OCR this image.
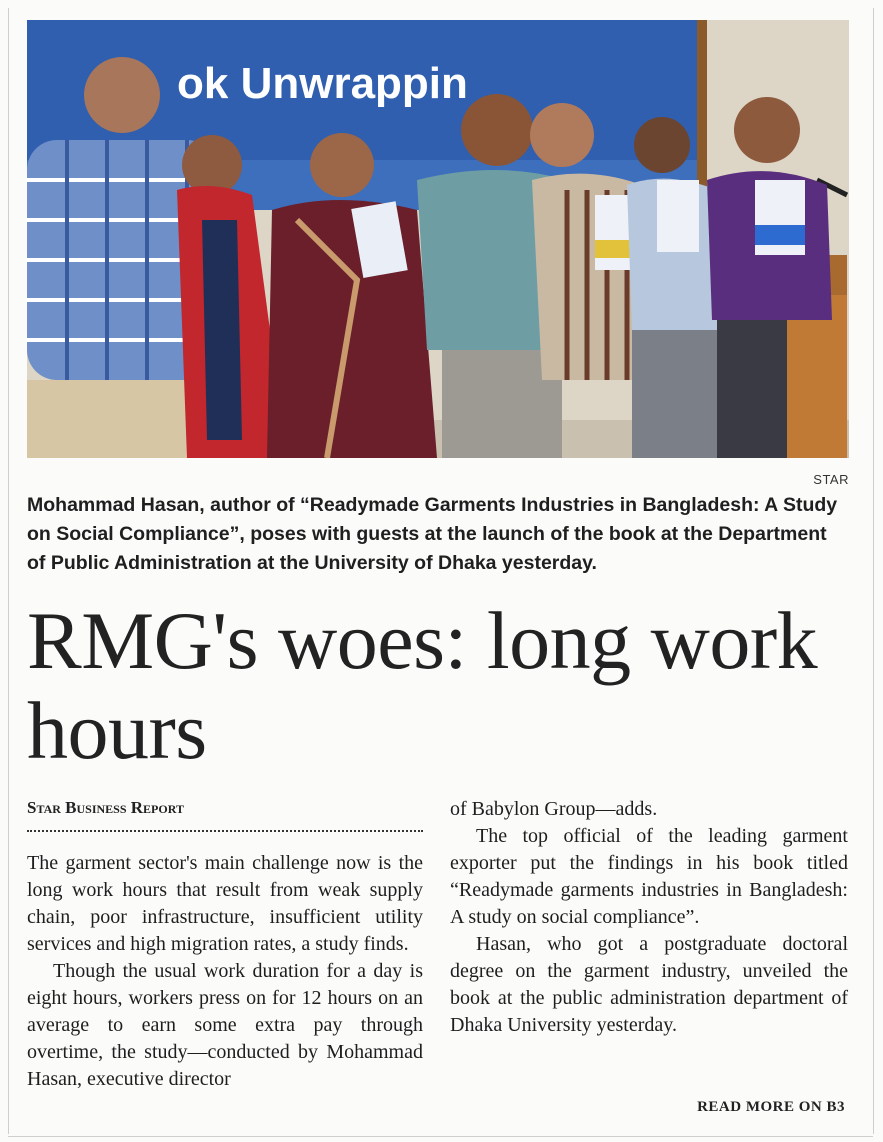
ok Unwrappin
STAR

Mohammad Hasan, author of “Readymade Garments Industries in Bangladesh: A Study on Social Compliance”, poses with guests at the launch of the book at the Department of Public Administration at the University of Dhaka yesterday.

RMG's woes: long work hours
Star Business Report

The garment sector's main challenge now is the long work hours that result from weak supply chain, poor infrastructure, insufficient utility services and high migration rates, a study finds.

Though the usual work duration for a day is eight hours, workers press on for 12 hours on an average to earn some extra pay through overtime, the study—conducted by Mohammad Hasan, executive director

of Babylon Group—adds.

The top official of the leading garment exporter put the findings in his book titled “Readymade garments industries in Bangladesh: A study on social compliance”.

Hasan, who got a postgraduate doctoral degree on the garment industry, unveiled the book at the public administration department of Dhaka University yesterday.

READ MORE ON B3
